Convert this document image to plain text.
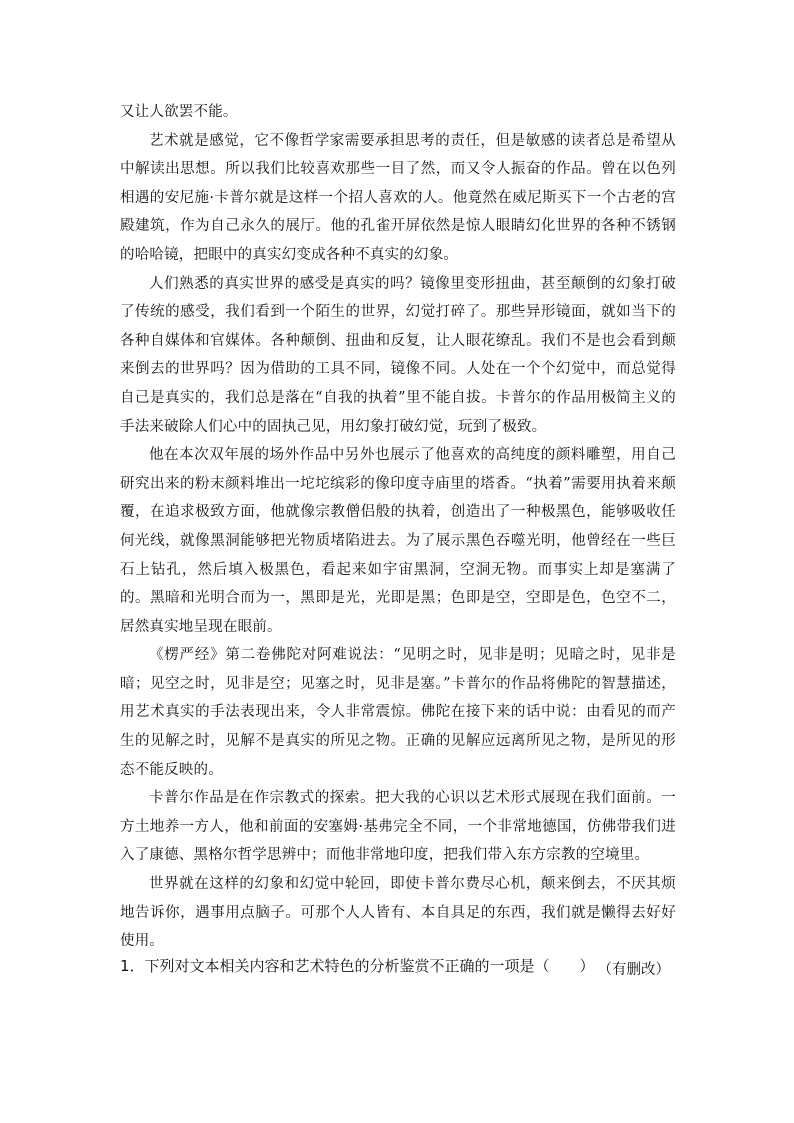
又让人欲罢不能。

艺术就是感觉，它不像哲学家需要承担思考的责任，但是敏感的读者总是希望从中解读出思想。所以我们比较喜欢那些一目了然，而又令人振奋的作品。曾在以色列相遇的安尼施·卡普尔就是这样一个招人喜欢的人。他竟然在威尼斯买下一个古老的宫殿建筑，作为自己永久的展厅。他的孔雀开屏依然是惊人眼睛幻化世界的各种不锈钢的哈哈镜，把眼中的真实幻变成各种不真实的幻象。

人们熟悉的真实世界的感受是真实的吗？镜像里变形扭曲，甚至颠倒的幻象打破了传统的感受，我们看到一个陌生的世界，幻觉打碎了。那些异形镜面，就如当下的各种自媒体和官媒体。各种颠倒、扭曲和反复，让人眼花缭乱。我们不是也会看到颠来倒去的世界吗？因为借助的工具不同，镜像不同。人处在一个个幻觉中，而总觉得自己是真实的，我们总是落在“自我的执着”里不能自拔。卡普尔的作品用极简主义的手法来破除人们心中的固执己见，用幻象打破幻觉，玩到了极致。

他在本次双年展的场外作品中另外也展示了他喜欢的高纯度的颜料雕塑，用自己研究出来的粉末颜料堆出一坨坨缤彩的像印度寺庙里的塔香。“执着”需要用执着来颠覆，在追求极致方面，他就像宗教僧侣般的执着，创造出了一种极黑色，能够吸收任何光线，就像黑洞能够把光物质堵陷进去。为了展示黑色吞噬光明，他曾经在一些巨石上钻孔，然后填入极黑色，看起来如宇宙黑洞，空洞无物。而事实上却是塞满了的。黑暗和光明合而为一，黑即是光，光即是黑；色即是空，空即是色，色空不二，居然真实地呈现在眼前。

《楞严经》第二卷佛陀对阿难说法：“见明之时，见非是明；见暗之时，见非是暗；见空之时，见非是空；见塞之时，见非是塞。”卡普尔的作品将佛陀的智慧描述，用艺术真实的手法表现出来，令人非常震惊。佛陀在接下来的话中说：由看见的而产生的见解之时，见解不是真实的所见之物。正确的见解应远离所见之物，是所见的形态不能反映的。

卡普尔作品是在作宗教式的探索。把大我的心识以艺术形式展现在我们面前。一方土地养一方人，他和前面的安塞姆·基弗完全不同，一个非常地德国，仿佛带我们进入了康德、黑格尔哲学思辨中；而他非常地印度，把我们带入东方宗教的空境里。

世界就在这样的幻象和幻觉中轮回，即使卡普尔费尽心机，颠来倒去，不厌其烦地告诉你，遇事用点脑子。可那个人人皆有、本自具足的东西，我们就是懒得去好好使用。

（有删改）

1．下列对文本相关内容和艺术特色的分析鉴赏不正确的一项是（　　）
